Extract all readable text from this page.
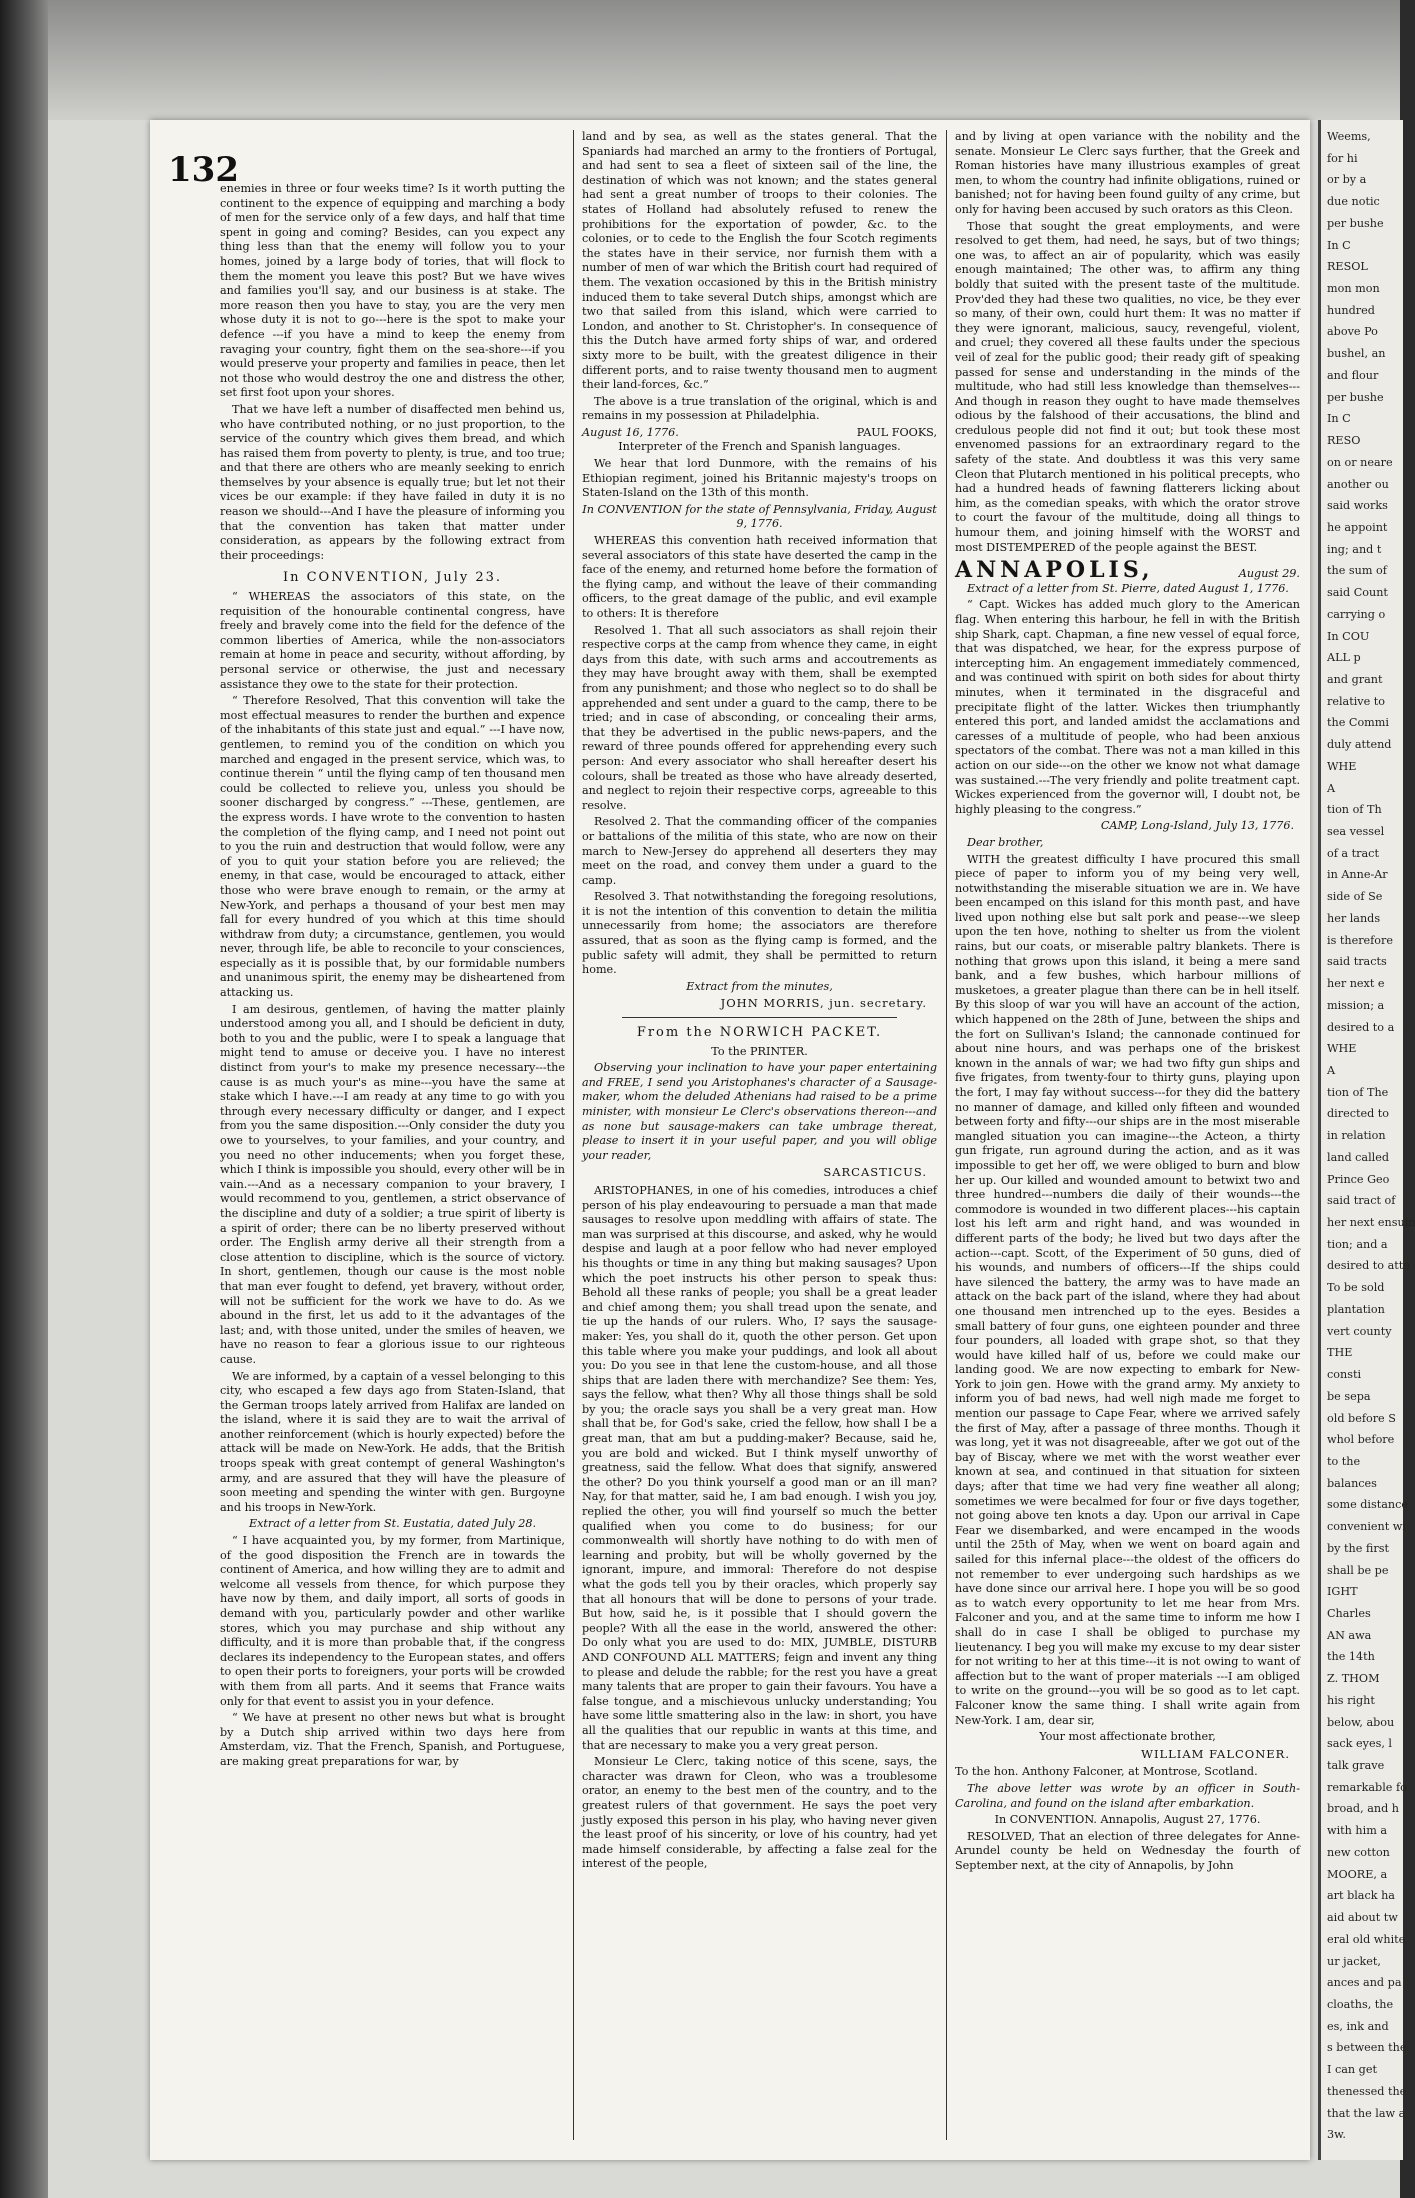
132

enemies in three or four weeks time? Is it worth putting the continent to the expence of equipping and marching a body of men for the service only of a few days, and half that time spent in going and coming? Besides, can you expect any thing less than that the enemy will follow you to your homes, joined by a large body of tories, that will flock to them the moment you leave this post? But we have wives and families you'll say, and our business is at stake. The more reason then you have to stay, you are the very men whose duty it is not to go---here is the spot to make your defence ---if you have a mind to keep the enemy from ravaging your country, fight them on the sea-shore---if you would preserve your property and families in peace, then let not those who would destroy the one and distress the other, set first foot upon your shores.

That we have left a number of disaffected men behind us, who have contributed nothing, or no just proportion, to the service of the country which gives them bread, and which has raised them from poverty to plenty, is true, and too true; and that there are others who are meanly seeking to enrich themselves by your absence is equally true; but let not their vices be our example: if they have failed in duty it is no reason we should---And I have the pleasure of informing you that the convention has taken that matter under consideration, as appears by the following extract from their proceedings:

In CONVENTION, July 23.

“ WHEREAS the associators of this state, on the requisition of the honourable continental congress, have freely and bravely come into the field for the defence of the common liberties of America, while the non-associators remain at home in peace and security, without affording, by personal service or otherwise, the just and necessary assistance they owe to the state for their protection.

“ Therefore Resolved, That this convention will take the most effectual measures to render the burthen and expence of the inhabitants of this state just and equal.” ---I have now, gentlemen, to remind you of the condition on which you marched and engaged in the present service, which was, to continue therein “ until the flying camp of ten thousand men could be collected to relieve you, unless you should be sooner discharged by congress.” ---These, gentlemen, are the express words. I have wrote to the convention to hasten the completion of the flying camp, and I need not point out to you the ruin and destruction that would follow, were any of you to quit your station before you are relieved; the enemy, in that case, would be encouraged to attack, either those who were brave enough to remain, or the army at New-York, and perhaps a thousand of your best men may fall for every hundred of you which at this time should withdraw from duty; a circumstance, gentlemen, you would never, through life, be able to reconcile to your consciences, especially as it is possible that, by our formidable numbers and unanimous spirit, the enemy may be disheartened from attacking us.

I am desirous, gentlemen, of having the matter plainly understood among you all, and I should be deficient in duty, both to you and the public, were I to speak a language that might tend to amuse or deceive you. I have no interest distinct from your's to make my presence necessary---the cause is as much your's as mine---you have the same at stake which I have.---I am ready at any time to go with you through every necessary difficulty or danger, and I expect from you the same disposition.---Only consider the duty you owe to yourselves, to your families, and your country, and you need no other inducements; when you forget these, which I think is impossible you should, every other will be in vain.---And as a necessary companion to your bravery, I would recommend to you, gentlemen, a strict observance of the discipline and duty of a soldier; a true spirit of liberty is a spirit of order; there can be no liberty preserved without order. The English army derive all their strength from a close attention to discipline, which is the source of victory. In short, gentlemen, though our cause is the most noble that man ever fought to defend, yet bravery, without order, will not be sufficient for the work we have to do. As we abound in the first, let us add to it the advantages of the last; and, with those united, under the smiles of heaven, we have no reason to fear a glorious issue to our righteous cause.

We are informed, by a captain of a vessel belonging to this city, who escaped a few days ago from Staten-Island, that the German troops lately arrived from Halifax are landed on the island, where it is said they are to wait the arrival of another reinforcement (which is hourly expected) before the attack will be made on New-York. He adds, that the British troops speak with great contempt of general Washington's army, and are assured that they will have the pleasure of soon meeting and spending the winter with gen. Burgoyne and his troops in New-York.

Extract of a letter from St. Eustatia, dated July 28.

“ I have acquainted you, by my former, from Martinique, of the good disposition the French are in towards the continent of America, and how willing they are to admit and welcome all vessels from thence, for which purpose they have now by them, and daily import, all sorts of goods in demand with you, particularly powder and other warlike stores, which you may purchase and ship without any difficulty, and it is more than probable that, if the congress declares its independency to the European states, and offers to open their ports to foreigners, your ports will be crowded with them from all parts. And it seems that France waits only for that event to assist you in your defence.

“ We have at present no other news but what is brought by a Dutch ship arrived within two days here from Amsterdam, viz. That the French, Spanish, and Portuguese, are making great preparations for war, by

land and by sea, as well as the states general. That the Spaniards had marched an army to the frontiers of Portugal, and had sent to sea a fleet of sixteen sail of the line, the destination of which was not known; and the states general had sent a great number of troops to their colonies. The states of Holland had absolutely refused to renew the prohibitions for the exportation of powder, &c. to the colonies, or to cede to the English the four Scotch regiments the states have in their service, nor furnish them with a number of men of war which the British court had required of them. The vexation occasioned by this in the British ministry induced them to take several Dutch ships, amongst which are two that sailed from this island, which were carried to London, and another to St. Christopher's. In consequence of this the Dutch have armed forty ships of war, and ordered sixty more to be built, with the greatest diligence in their different ports, and to raise twenty thousand men to augment their land-forces, &c.”

The above is a true translation of the original, which is and remains in my possession at Philadelphia.

August 16, 1776.	PAUL FOOKS,

Interpreter of the French and Spanish languages.

We hear that lord Dunmore, with the remains of his Ethiopian regiment, joined his Britannic majesty's troops on Staten-Island on the 13th of this month.

In CONVENTION for the state of Pennsylvania, Friday, August 9, 1776.

WHEREAS this convention hath received information that several associators of this state have deserted the camp in the face of the enemy, and returned home before the formation of the flying camp, and without the leave of their commanding officers, to the great damage of the public, and evil example to others: It is therefore

Resolved 1. That all such associators as shall rejoin their respective corps at the camp from whence they came, in eight days from this date, with such arms and accoutrements as they may have brought away with them, shall be exempted from any punishment; and those who neglect so to do shall be apprehended and sent under a guard to the camp, there to be tried; and in case of absconding, or concealing their arms, that they be advertised in the public news-papers, and the reward of three pounds offered for apprehending every such person: And every associator who shall hereafter desert his colours, shall be treated as those who have already deserted, and neglect to rejoin their respective corps, agreeable to this resolve.

Resolved 2. That the commanding officer of the companies or battalions of the militia of this state, who are now on their march to New-Jersey do apprehend all deserters they may meet on the road, and convey them under a guard to the camp.

Resolved 3. That notwithstanding the foregoing resolutions, it is not the intention of this convention to detain the militia unnecessarily from home; the associators are therefore assured, that as soon as the flying camp is formed, and the public safety will admit, they shall be permitted to return home.

Extract from the minutes,

JOHN MORRIS, jun. secretary.
From the NORWICH PACKET.

To the PRINTER.

Observing your inclination to have your paper entertaining and FREE, I send you Aristophanes's character of a Sausage-maker, whom the deluded Athenians had raised to be a prime minister, with monsieur Le Clerc's observations thereon---and as none but sausage-makers can take umbrage thereat, please to insert it in your useful paper, and you will oblige your reader,

SARCASTICUS.

ARISTOPHANES, in one of his comedies, introduces a chief person of his play endeavouring to persuade a man that made sausages to resolve upon meddling with affairs of state. The man was surprised at this discourse, and asked, why he would despise and laugh at a poor fellow who had never employed his thoughts or time in any thing but making sausages? Upon which the poet instructs his other person to speak thus: Behold all these ranks of people; you shall be a great leader and chief among them; you shall tread upon the senate, and tie up the hands of our rulers. Who, I? says the sausage-maker: Yes, you shall do it, quoth the other person. Get upon this table where you make your puddings, and look all about you: Do you see in that lene the custom-house, and all those ships that are laden there with merchandize? See them: Yes, says the fellow, what then? Why all those things shall be sold by you; the oracle says you shall be a very great man. How shall that be, for God's sake, cried the fellow, how shall I be a great man, that am but a pudding-maker? Because, said he, you are bold and wicked. But I think myself unworthy of greatness, said the fellow. What does that signify, answered the other? Do you think yourself a good man or an ill man? Nay, for that matter, said he, I am bad enough. I wish you joy, replied the other, you will find yourself so much the better qualified when you come to do business; for our commonwealth will shortly have nothing to do with men of learning and probity, but will be wholly governed by the ignorant, impure, and immoral: Therefore do not despise what the gods tell you by their oracles, which properly say that all honours that will be done to persons of your trade. But how, said he, is it possible that I should govern the people? With all the ease in the world, answered the other: Do only what you are used to do: MIX, JUMBLE, DISTURB AND CONFOUND ALL MATTERS; feign and invent any thing to please and delude the rabble; for the rest you have a great many talents that are proper to gain their favours. You have a false tongue, and a mischievous unlucky understanding; You have some little smattering also in the law: in short, you have all the qualities that our republic in wants at this time, and that are necessary to make you a very great person.

Monsieur Le Clerc, taking notice of this scene, says, the character was drawn for Cleon, who was a troublesome orator, an enemy to the best men of the country, and to the greatest rulers of that government. He says the poet very justly exposed this person in his play, who having never given the least proof of his sincerity, or love of his country, had yet made himself considerable, by affecting a false zeal for the interest of the people,

and by living at open variance with the nobility and the senate. Monsieur Le Clerc says further, that the Greek and Roman histories have many illustrious examples of great men, to whom the country had infinite obligations, ruined or banished; not for having been found guilty of any crime, but only for having been accused by such orators as this Cleon.

Those that sought the great employments, and were resolved to get them, had need, he says, but of two things; one was, to affect an air of popularity, which was easily enough maintained; The other was, to affirm any thing boldly that suited with the present taste of the multitude. Prov'ded they had these two qualities, no vice, be they ever so many, of their own, could hurt them: It was no matter if they were ignorant, malicious, saucy, revengeful, violent, and cruel; they covered all these faults under the specious veil of zeal for the public good; their ready gift of speaking passed for sense and understanding in the minds of the multitude, who had still less knowledge than themselves---And though in reason they ought to have made themselves odious by the falshood of their accusations, the blind and credulous people did not find it out; but took these most envenomed passions for an extraordinary regard to the safety of the state. And doubtless it was this very same Cleon that Plutarch mentioned in his political precepts, who had a hundred heads of fawning flatterers licking about him, as the comedian speaks, with which the orator strove to court the favour of the multitude, doing all things to humour them, and joining himself with the WORST and most DISTEMPERED of the people against the BEST.

ANNAPOLIS,	August 29.

Extract of a letter from St. Pierre, dated August 1, 1776.

“ Capt. Wickes has added much glory to the American flag. When entering this harbour, he fell in with the British ship Shark, capt. Chapman, a fine new vessel of equal force, that was dispatched, we hear, for the express purpose of intercepting him. An engagement immediately commenced, and was continued with spirit on both sides for about thirty minutes, when it terminated in the disgraceful and precipitate flight of the latter. Wickes then triumphantly entered this port, and landed amidst the acclamations and caresses of a multitude of people, who had been anxious spectators of the combat. There was not a man killed in this action on our side---on the other we know not what damage was sustained.---The very friendly and polite treatment capt. Wickes experienced from the governor will, I doubt not, be highly pleasing to the congress.”

CAMP, Long-Island, July 13, 1776.

Dear brother,

WITH the greatest difficulty I have procured this small piece of paper to inform you of my being very well, notwithstanding the miserable situation we are in. We have been encamped on this island for this month past, and have lived upon nothing else but salt pork and pease---we sleep upon the ten hove, nothing to shelter us from the violent rains, but our coats, or miserable paltry blankets. There is nothing that grows upon this island, it being a mere sand bank, and a few bushes, which harbour millions of musketoes, a greater plague than there can be in hell itself. By this sloop of war you will have an account of the action, which happened on the 28th of June, between the ships and the fort on Sullivan's Island; the cannonade continued for about nine hours, and was perhaps one of the briskest known in the annals of war; we had two fifty gun ships and five frigates, from twenty-four to thirty guns, playing upon the fort, I may fay without success---for they did the battery no manner of damage, and killed only fifteen and wounded between forty and fifty---our ships are in the most miserable mangled situation you can imagine---the Acteon, a thirty gun frigate, run aground during the action, and as it was impossible to get her off, we were obliged to burn and blow her up. Our killed and wounded amount to betwixt two and three hundred---numbers die daily of their wounds---the commodore is wounded in two different places---his captain lost his left arm and right hand, and was wounded in different parts of the body; he lived but two days after the action---capt. Scott, of the Experiment of 50 guns, died of his wounds, and numbers of officers---If the ships could have silenced the battery, the army was to have made an attack on the back part of the island, where they had about one thousand men intrenched up to the eyes. Besides a small battery of four guns, one eighteen pounder and three four pounders, all loaded with grape shot, so that they would have killed half of us, before we could make our landing good. We are now expecting to embark for New-York to join gen. Howe with the grand army. My anxiety to inform you of bad news, had well nigh made me forget to mention our passage to Cape Fear, where we arrived safely the first of May, after a passage of three months. Though it was long, yet it was not disagreeable, after we got out of the bay of Biscay, where we met with the worst weather ever known at sea, and continued in that situation for sixteen days; after that time we had very fine weather all along; sometimes we were becalmed for four or five days together, not going above ten knots a day. Upon our arrival in Cape Fear we disembarked, and were encamped in the woods until the 25th of May, when we went on board again and sailed for this infernal place---the oldest of the officers do not remember to ever undergoing such hardships as we have done since our arrival here. I hope you will be so good as to watch every opportunity to let me hear from Mrs. Falconer and you, and at the same time to inform me how I shall do in case I shall be obliged to purchase my lieutenancy. I beg you will make my excuse to my dear sister for not writing to her at this time---it is not owing to want of affection but to the want of proper materials ---I am obliged to write on the ground---you will be so good as to let capt. Falconer know the same thing. I shall write again from New-York. I am, dear sir,

Your most affectionate brother,

WILLIAM FALCONER.

To the hon. Anthony Falconer, at Montrose, Scotland.

The above letter was wrote by an officer in South-Carolina, and found on the island after embarkation.

In CONVENTION. Annapolis, August 27, 1776.

RESOLVED, That an election of three delegates for Anne-Arundel county be held on Wednesday the fourth of September next, at the city of Annapolis, by John

Weems,
for hi
or by a
due notic
per bushe
In C
RESOL
mon mon
hundred
above Po
bushel, an
and flour
per bushe
In C
RESO
on or neare
another ou
said works
he appoint
ing; and t
the sum of
said Count
carrying o
In COU
ALL p
and grant
relative to
the Commi
duly attend
WHE
A
tion of Th
sea vessel
of a tract
in Anne-Ar
side of Se
her lands
is therefore
said tracts
her next e
mission; a
desired to a
WHE
A
tion of The
directed to
in relation
land called
Prince Geo
said tract of
her next ensuin
tion; and a
desired to atte
To be sold
plantation
vert county
THE
consti
be sepa
old before S
whol before
to the
balances
some distance
convenient wi
by the first
shall be pe
IGHT
Charles
AN awa
the 14th
Z. THOM
his right
below, abou
sack eyes, l
talk grave
remarkable fo
broad, and h
with him a
new cotton
MOORE, a
art black ha
aid about tw
eral old white
ur jacket,
ances and pa
cloaths, the
es, ink and
s between the
I can get
thenessed the
that the law a
3w.
